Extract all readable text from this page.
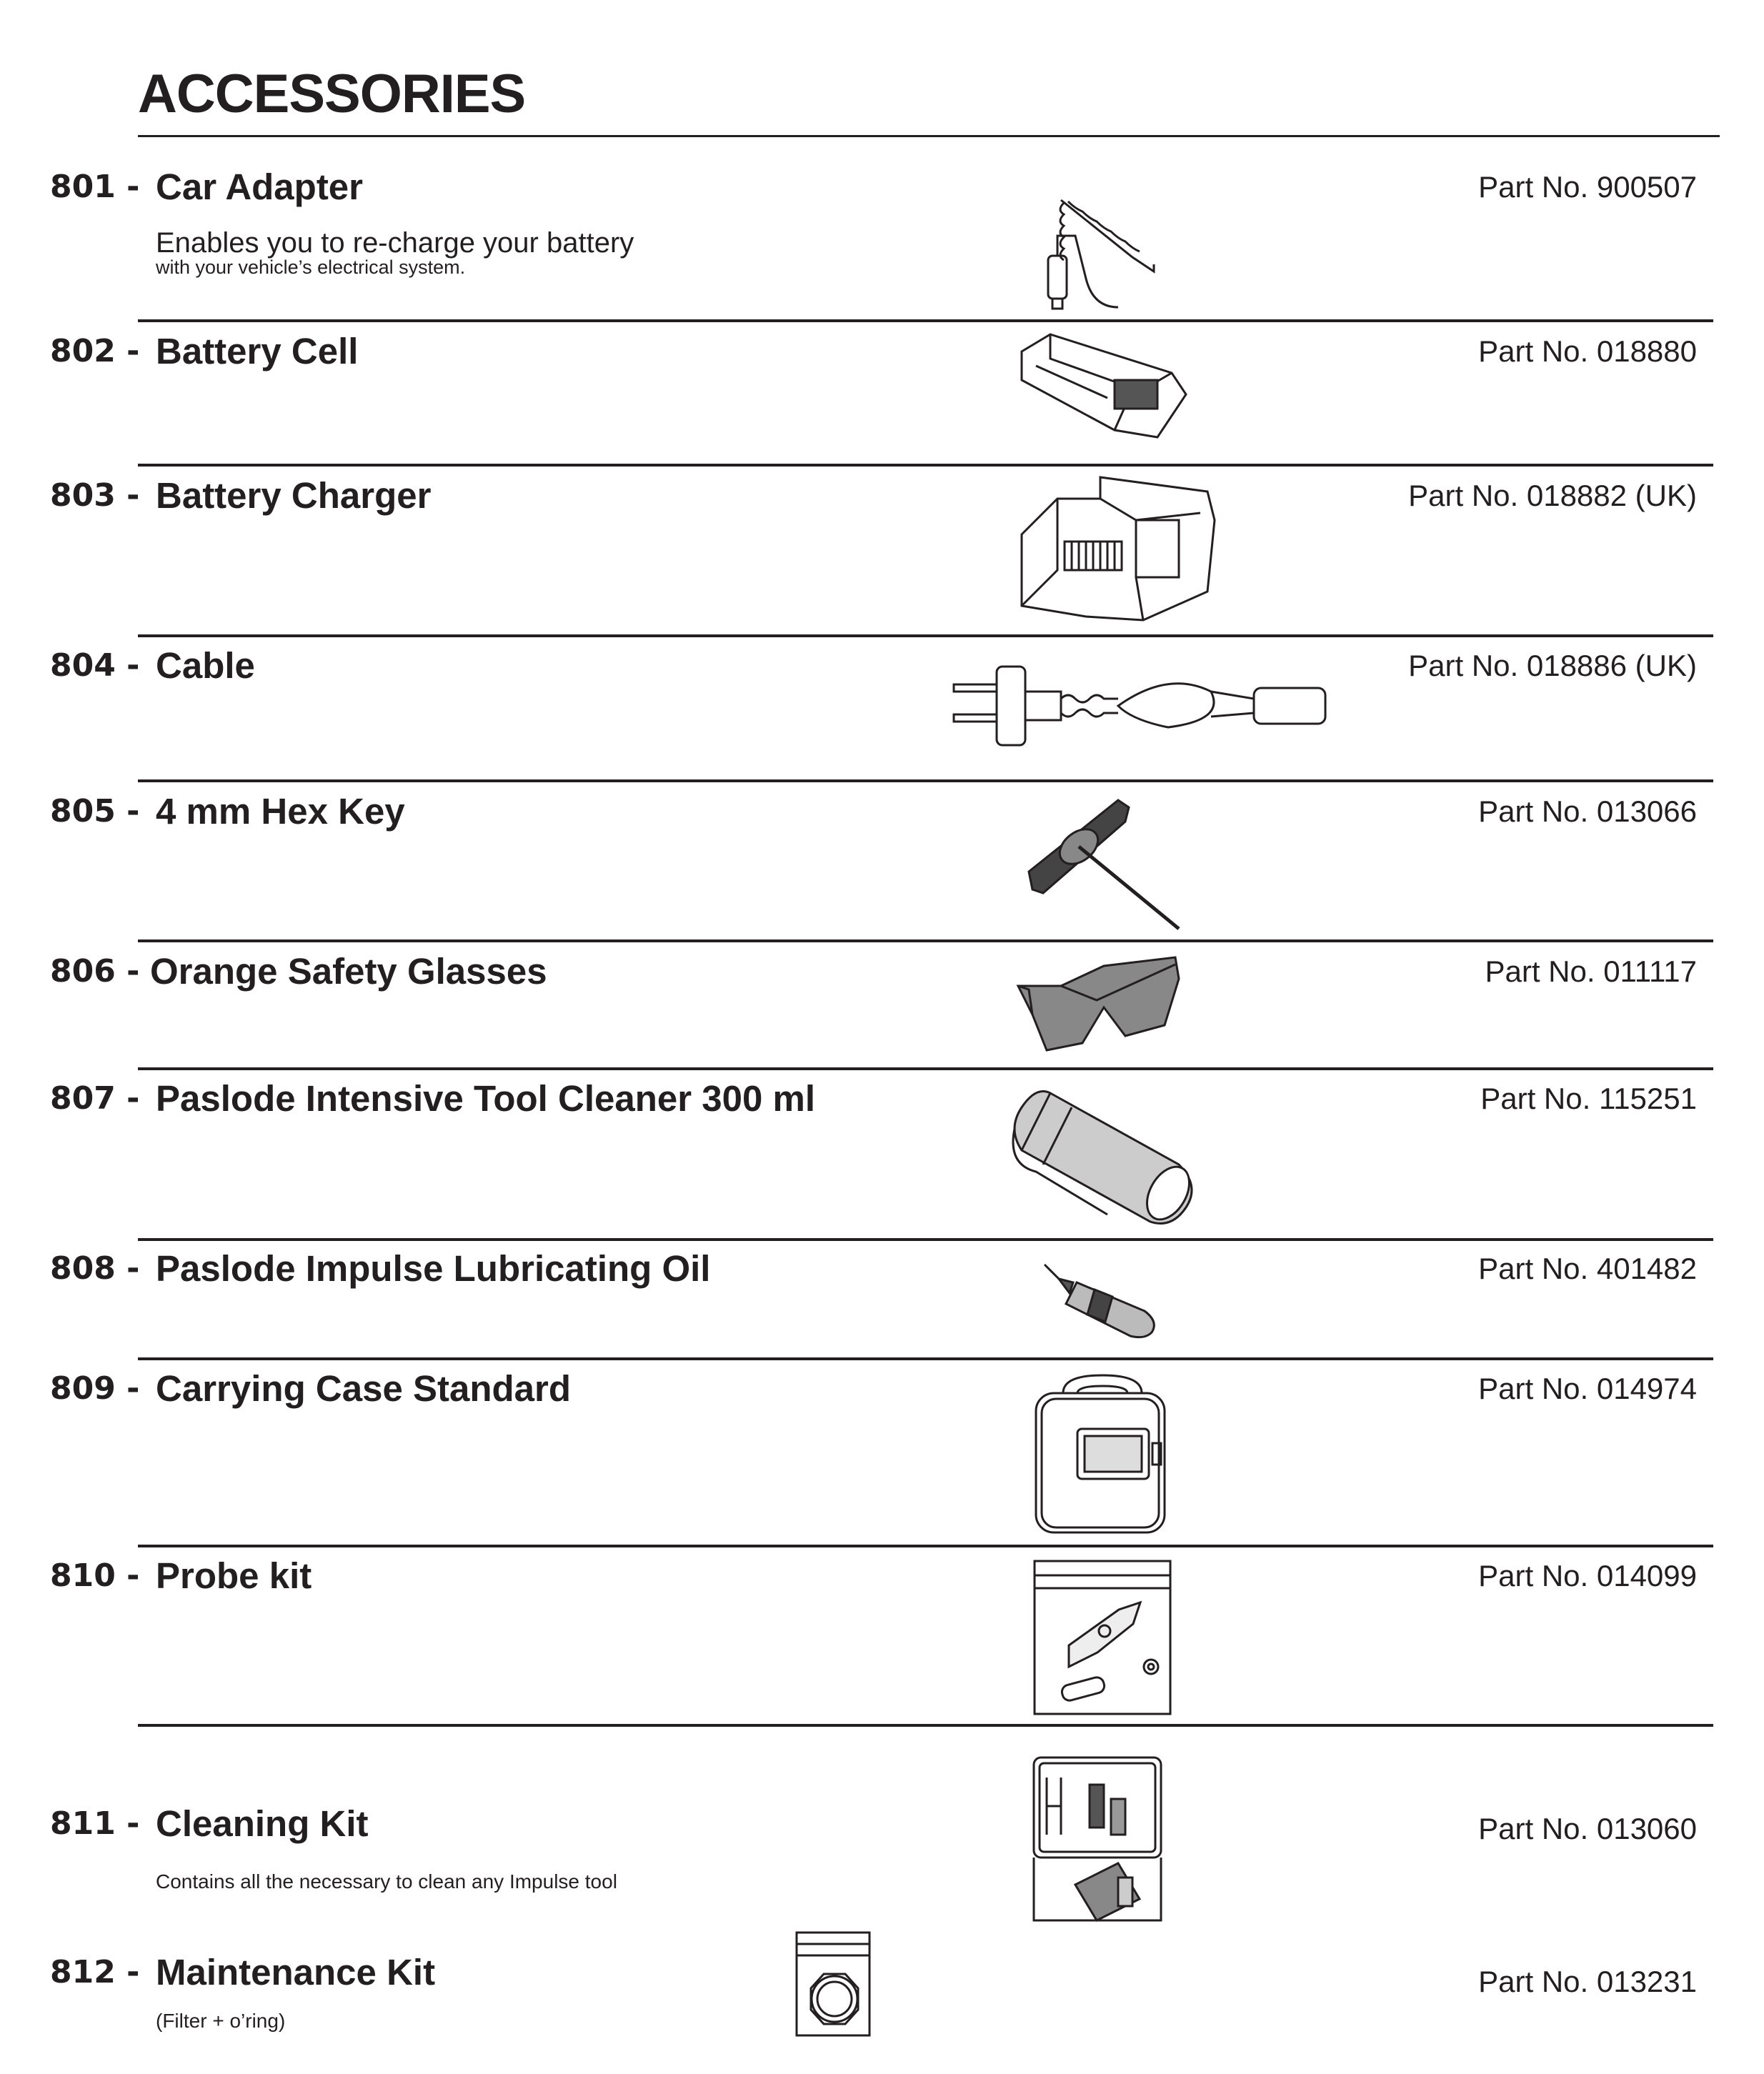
ACCESSORIES
801 - Car Adapter	Part No. 900507
Enables you to re-charge your battery
with your vehicle’s electrical system.
802 - Battery Cell	Part No. 018880
803 - Battery Charger	Part No. 018882 (UK)
804 - Cable	Part No. 018886 (UK)
805 - 4 mm Hex Key	Part No. 013066
806 - Orange Safety Glasses	Part No. 011117
807 - Paslode Intensive Tool Cleaner 300 ml	Part No. 115251
808 - Paslode Impulse Lubricating Oil	Part No. 401482
809 - Carrying Case Standard	Part No. 014974
810 - Probe kit	Part No. 014099
811 - Cleaning Kit	Part No. 013060
Contains all the necessary to clean any Impulse tool
812 - Maintenance Kit	Part No. 013231
(Filter + o’ring)
